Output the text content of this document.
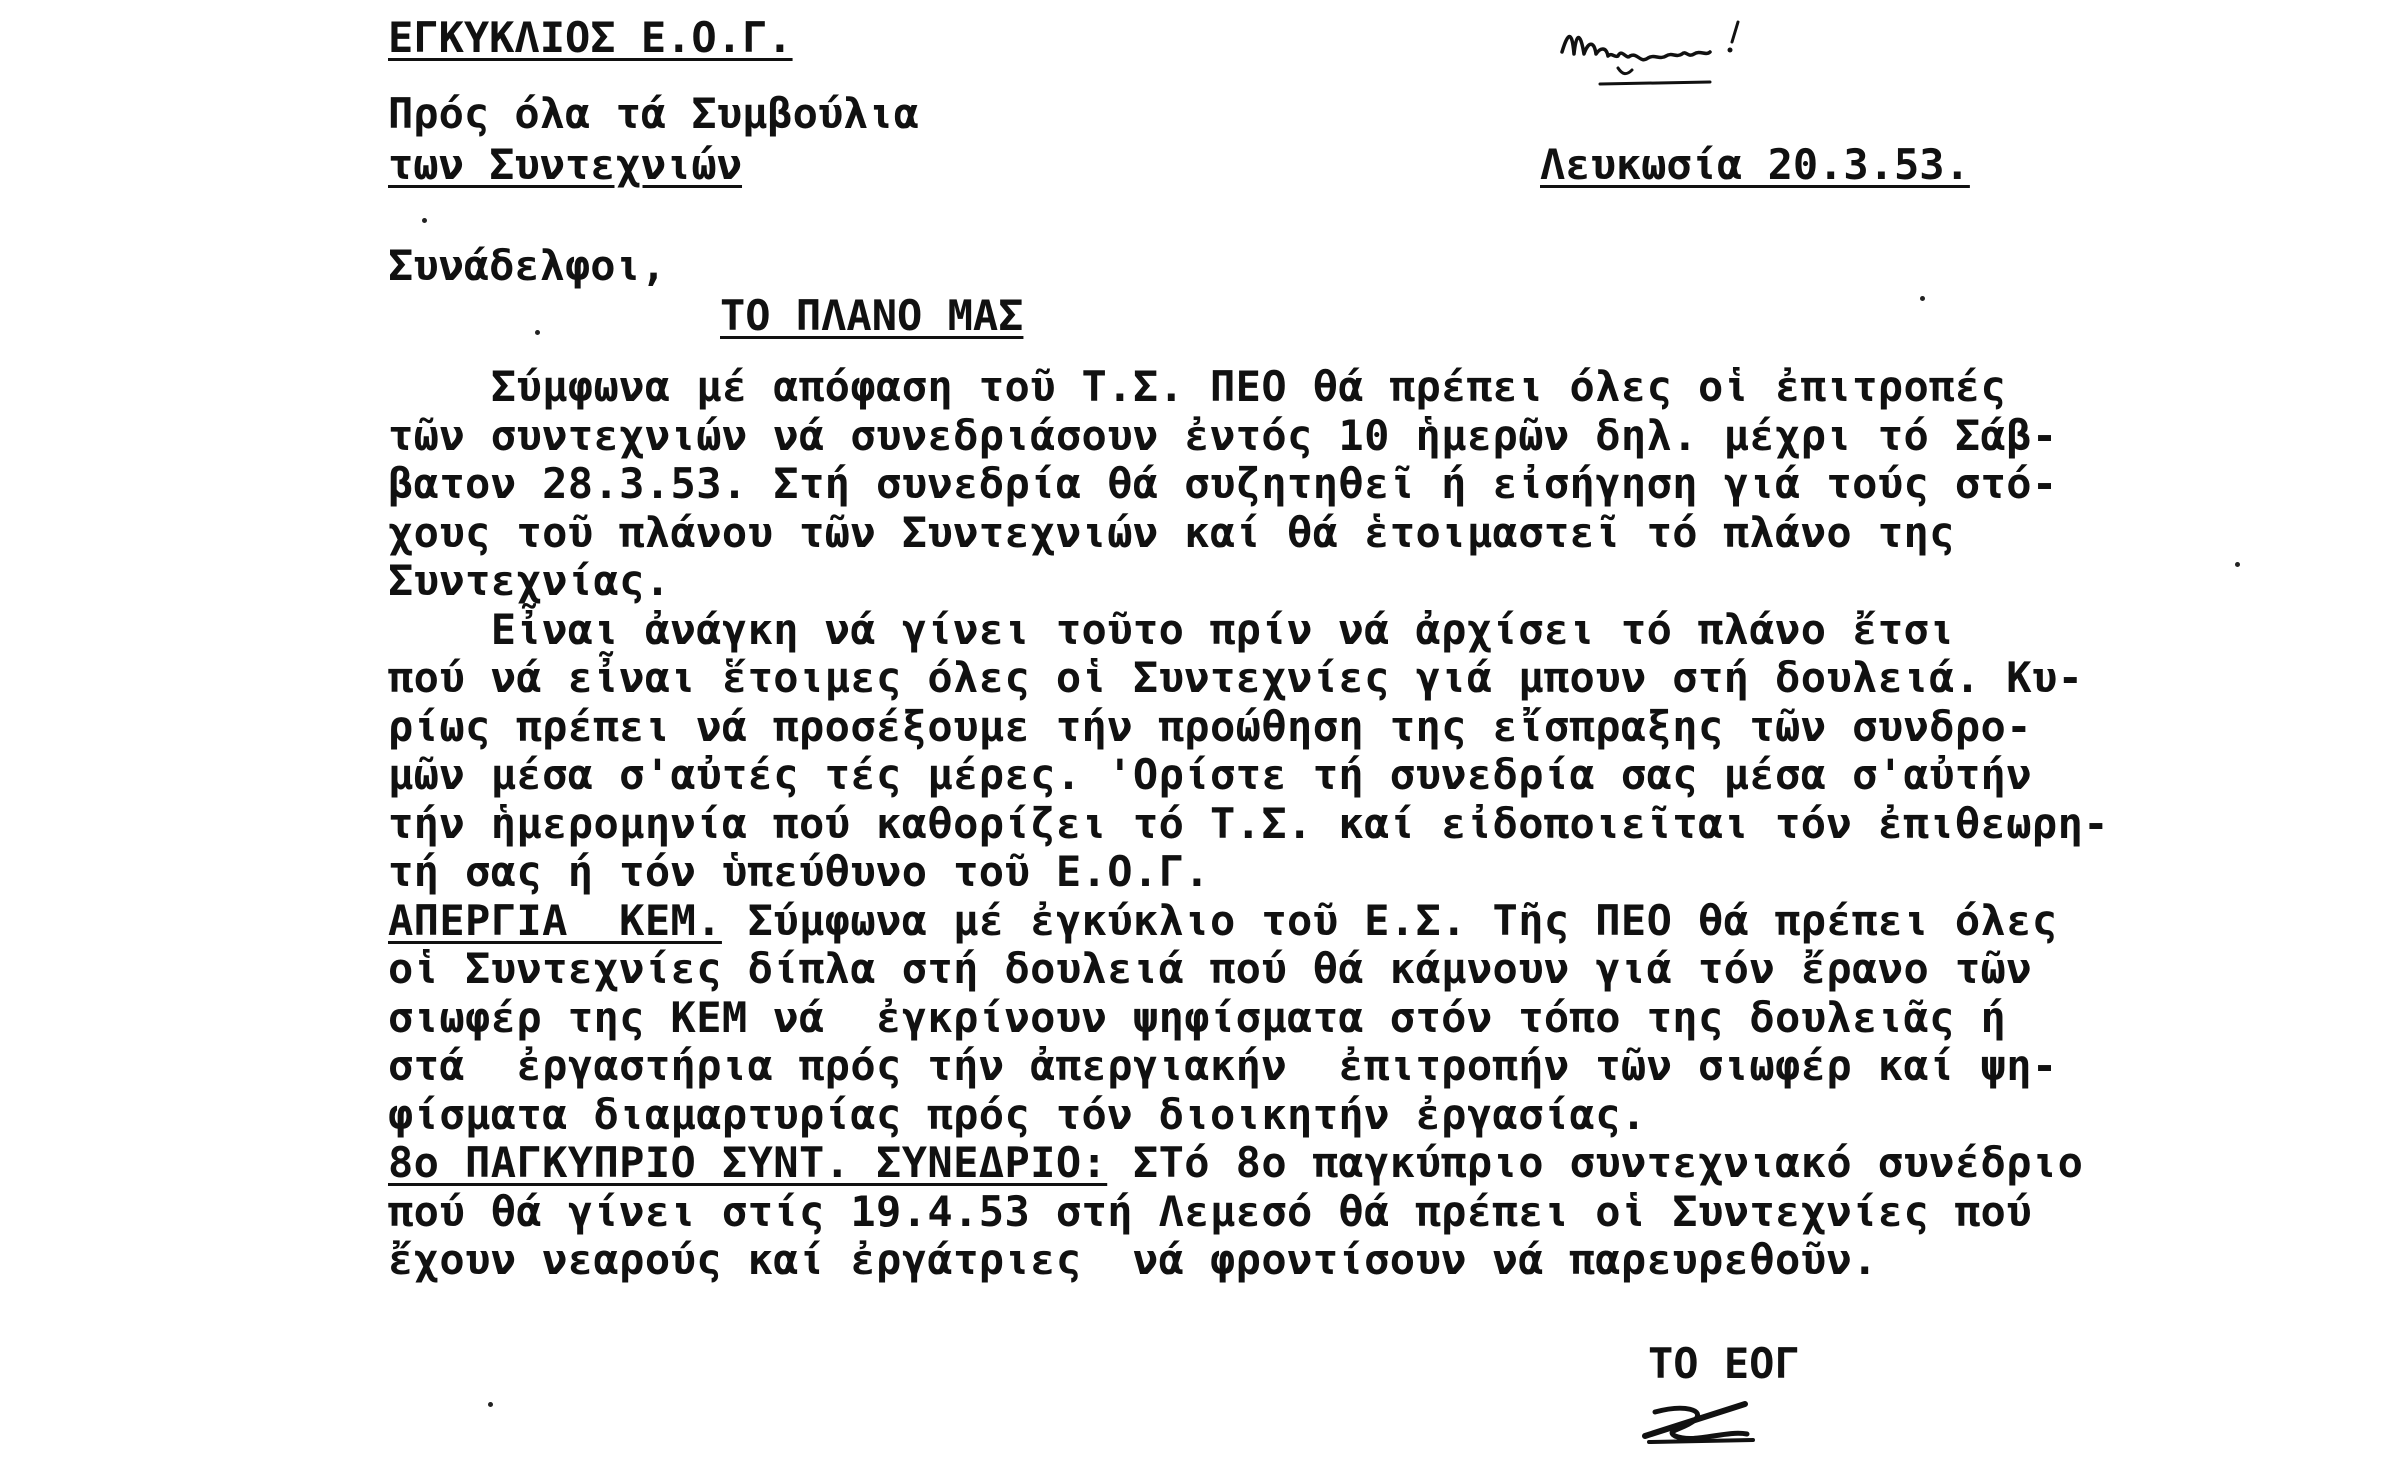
ΕΓΚΥΚΛΙΟΣ Ε.Ο.Γ.
Πρός όλα τά Συμβούλια
των Συντεχνιών	Λευκωσία 20.3.53.
Συνάδελφοι,
ΤΟ ΠΛΑΝΟ ΜΑΣ
Σύμφωνα μέ απόφαση τοῦ Τ.Σ. ΠΕΟ θά πρέπει όλες οἱ ἐπιτροπές
τῶν συντεχνιών νά συνεδριάσουν ἐντός 10 ἡμερῶν δηλ. μέχρι τό Σάβ-
βατον 28.3.53. Στή συνεδρία θά συζητηθεῖ ή εἰσήγηση γιά τούς στό-
χους τοῦ πλάνου τῶν Συντεχνιών καί θά ἑτοιμαστεῖ τό πλάνο της
Συντεχνίας.
Εἶναι ἀνάγκη νά γίνει τοῦτο πρίν νά ἀρχίσει τό πλάνο ἔτσι
πού νά εἶναι ἕτοιμες όλες οἱ Συντεχνίες γιά μπουν στή δουλειά. Κυ-
ρίως πρέπει νά προσέξουμε τήν προώθηση της εἴσπραξης τῶν συνδρο-
μῶν μέσα σ'αὐτές τές μέρες. 'Ορίστε τή συνεδρία σας μέσα σ'αὐτήν
τήν ἡμερομηνία πού καθορίζει τό Τ.Σ. καί εἰδοποιεῖται τόν ἐπιθεωρη-
τή σας ή τόν ὑπεύθυνο τοῦ Ε.Ο.Γ.
ΑΠΕΡΓΙΑ  ΚΕΜ. Σύμφωνα μέ ἐγκύκλιο τοῦ Ε.Σ. Τῆς ΠΕΟ θά πρέπει όλες
οἱ Συντεχνίες δίπλα στή δουλειά πού θά κάμνουν γιά τόν ἔρανο τῶν
σιωφέρ της ΚΕΜ νά  ἐγκρίνουν ψηφίσματα στόν τόπο της δουλειᾶς ή
στά  ἐργαστήρια πρός τήν ἀπεργιακήν  ἐπιτροπήν τῶν σιωφέρ καί ψη-
φίσματα διαμαρτυρίας πρός τόν διοικητήν ἐργασίας.
8ο ΠΑΓΚΥΠΡΙΟ ΣΥΝΤ. ΣΥΝΕΔΡΙΟ: ΣΤό 8ο παγκύπριο συντεχνιακό συνέδριο
πού θά γίνει στίς 19.4.53 στή Λεμεσό θά πρέπει οἱ Συντεχνίες πού
ἔχουν νεαρούς καί ἐργάτριες  νά φροντίσουν νά παρευρεθοῦν.
ΤΟ ΕΟΓ
